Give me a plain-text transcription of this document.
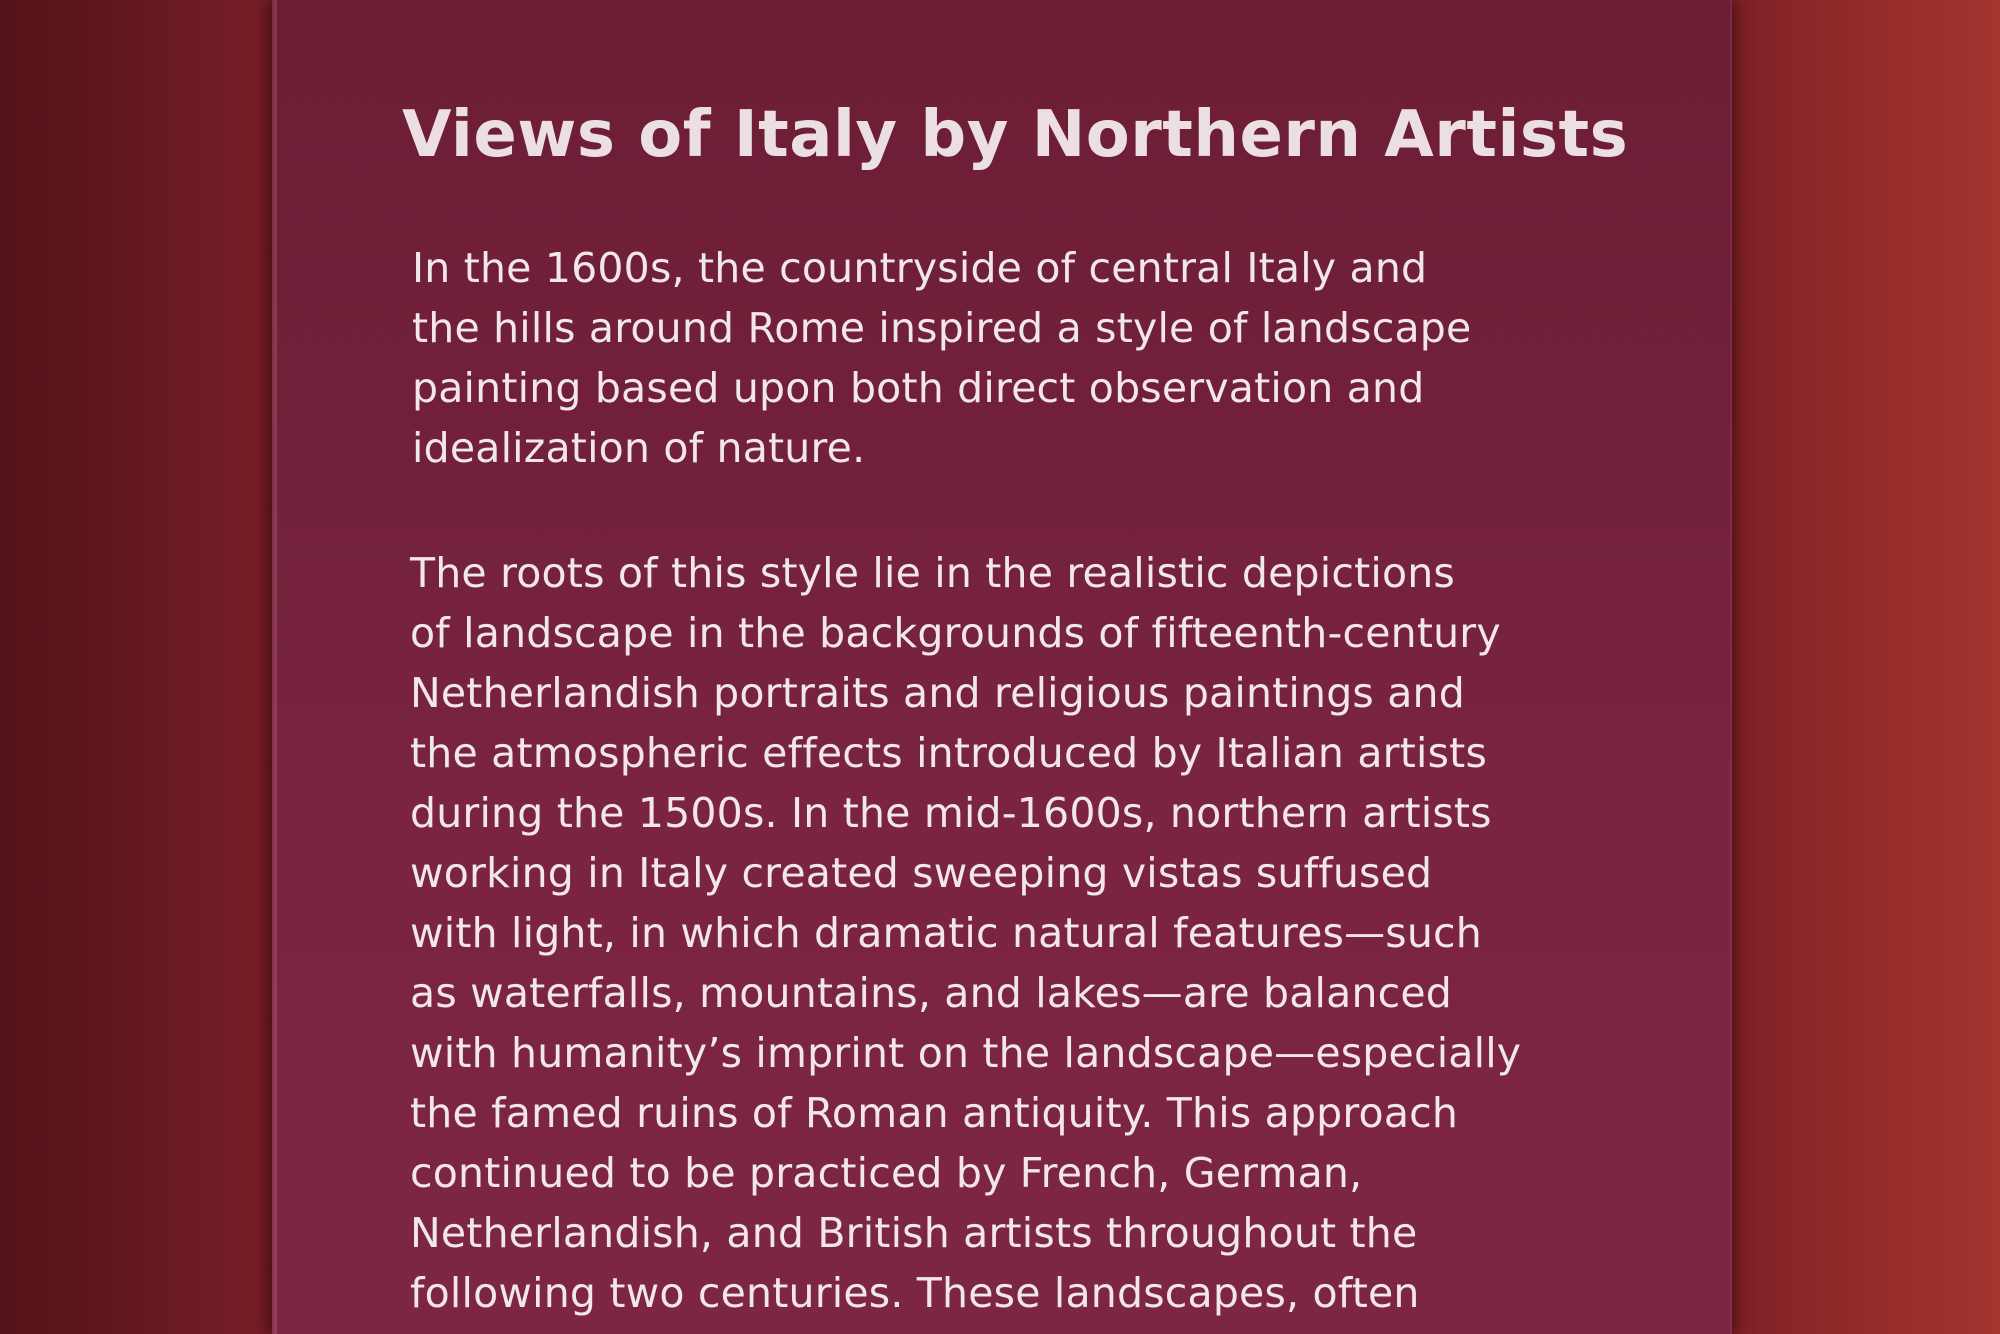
Views of Italy by Northern Artists
In the 1600s, the countryside of central Italy and
the hills around Rome inspired a style of landscape
painting based upon both direct observation and
idealization of nature.
The roots of this style lie in the realistic depictions
of landscape in the backgrounds of fifteenth-century
Netherlandish portraits and religious paintings and
the atmospheric effects introduced by Italian artists
during the 1500s. In the mid-1600s, northern artists
working in Italy created sweeping vistas suffused
with light, in which dramatic natural features—such
as waterfalls, mountains, and lakes—are balanced
with humanity’s imprint on the landscape—especially
the famed ruins of Roman antiquity. This approach
continued to be practiced by French, German,
Netherlandish, and British artists throughout the
following two centuries. These landscapes, often
